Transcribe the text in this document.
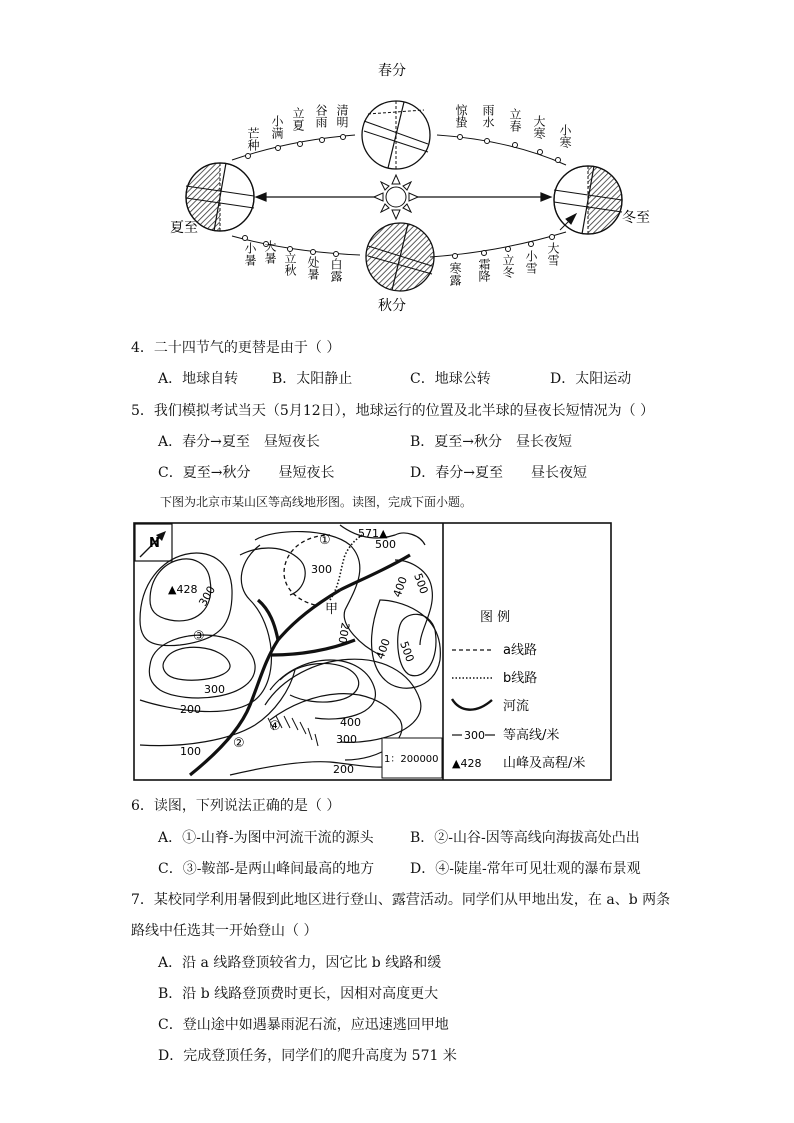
春分
夏至
冬至
秋分
芒种 小满 立夏 谷雨 清明	惊蛰 雨水 立春 大寒 小寒
小暑 大暑 立秋 处暑 白露	寒露 霜降 立冬 小雪 大雪
4．二十四节气的更替是由于（ ）
A．地球自转 B．太阳静止	C．地球公转	D．太阳运动
5．我们模拟考试当天（5月12日），地球运行的位置及北半球的昼夜长短情况为（ ）
A．春分→夏至　昼短夜长	B．夏至→秋分　昼长夜短
C．夏至→秋分　　昼短夜长	D．春分→夏至　　昼长夜短
下图为北京市某山区等高线地形图。读图，完成下面小题。
N
571▲
▲428
500
300
500
400
200
400 500
300
200
400
300
100
200
300
①
②
③
④
甲
1：200000
图 例
a线路
b线路
河流
300 等高线/米
▲428 山峰及高程/米
6．读图，下列说法正确的是（ ）
A．①-山脊-为图中河流干流的源头	B．②-山谷-因等高线向海拔高处凸出
C．③-鞍部-是两山峰间最高的地方	D．④-陡崖-常年可见壮观的瀑布景观
7．某校同学利用暑假到此地区进行登山、露营活动。同学们从甲地出发，在 a、b 两条
路线中任选其一开始登山（ ）
A．沿 a 线路登顶较省力，因它比 b 线路和缓
B．沿 b 线路登顶费时更长，因相对高度更大
C．登山途中如遇暴雨泥石流，应迅速逃回甲地
D．完成登顶任务，同学们的爬升高度为 571 米
